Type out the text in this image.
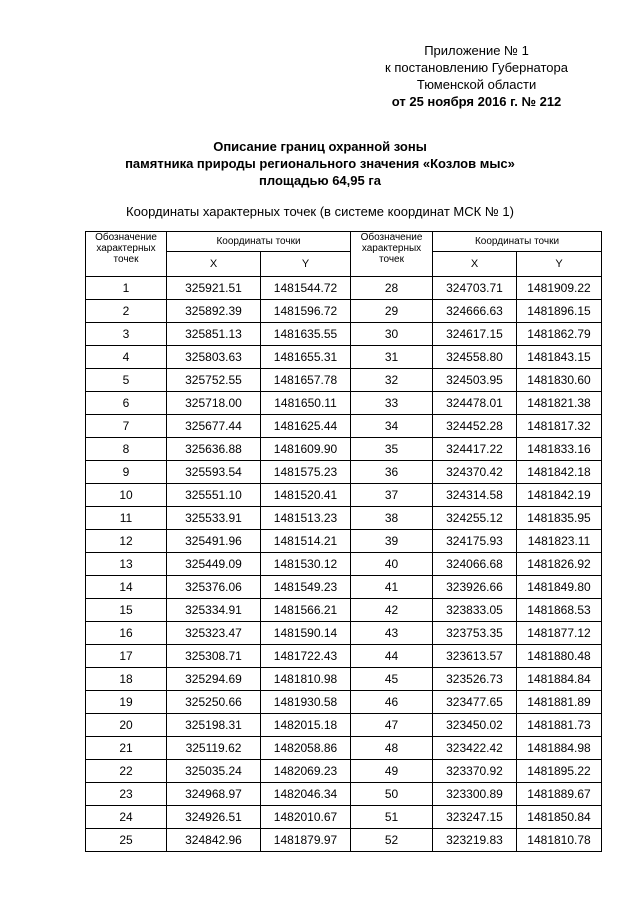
Приложение № 1
к постановлению Губернатора
Тюменской области
от 25 ноября 2016 г. № 212
Описание границ охранной зоны
памятника природы регионального значения «Козлов мыс»
площадью 64,95 га
Координаты характерных точек (в системе координат МСК № 1)
Обозначение характерных точек	Координаты точки		Обозначение характерных точек	Координаты точки	
	X	Y		X	Y
1	325921.51	1481544.72	28	324703.71	1481909.22
2	325892.39	1481596.72	29	324666.63	1481896.15
3	325851.13	1481635.55	30	324617.15	1481862.79
4	325803.63	1481655.31	31	324558.80	1481843.15
5	325752.55	1481657.78	32	324503.95	1481830.60
6	325718.00	1481650.11	33	324478.01	1481821.38
7	325677.44	1481625.44	34	324452.28	1481817.32
8	325636.88	1481609.90	35	324417.22	1481833.16
9	325593.54	1481575.23	36	324370.42	1481842.18
10	325551.10	1481520.41	37	324314.58	1481842.19
11	325533.91	1481513.23	38	324255.12	1481835.95
12	325491.96	1481514.21	39	324175.93	1481823.11
13	325449.09	1481530.12	40	324066.68	1481826.92
14	325376.06	1481549.23	41	323926.66	1481849.80
15	325334.91	1481566.21	42	323833.05	1481868.53
16	325323.47	1481590.14	43	323753.35	1481877.12
17	325308.71	1481722.43	44	323613.57	1481880.48
18	325294.69	1481810.98	45	323526.73	1481884.84
19	325250.66	1481930.58	46	323477.65	1481881.89
20	325198.31	1482015.18	47	323450.02	1481881.73
21	325119.62	1482058.86	48	323422.42	1481884.98
22	325035.24	1482069.23	49	323370.92	1481895.22
23	324968.97	1482046.34	50	323300.89	1481889.67
24	324926.51	1482010.67	51	323247.15	1481850.84
25	324842.96	1481879.97	52	323219.83	1481810.78
